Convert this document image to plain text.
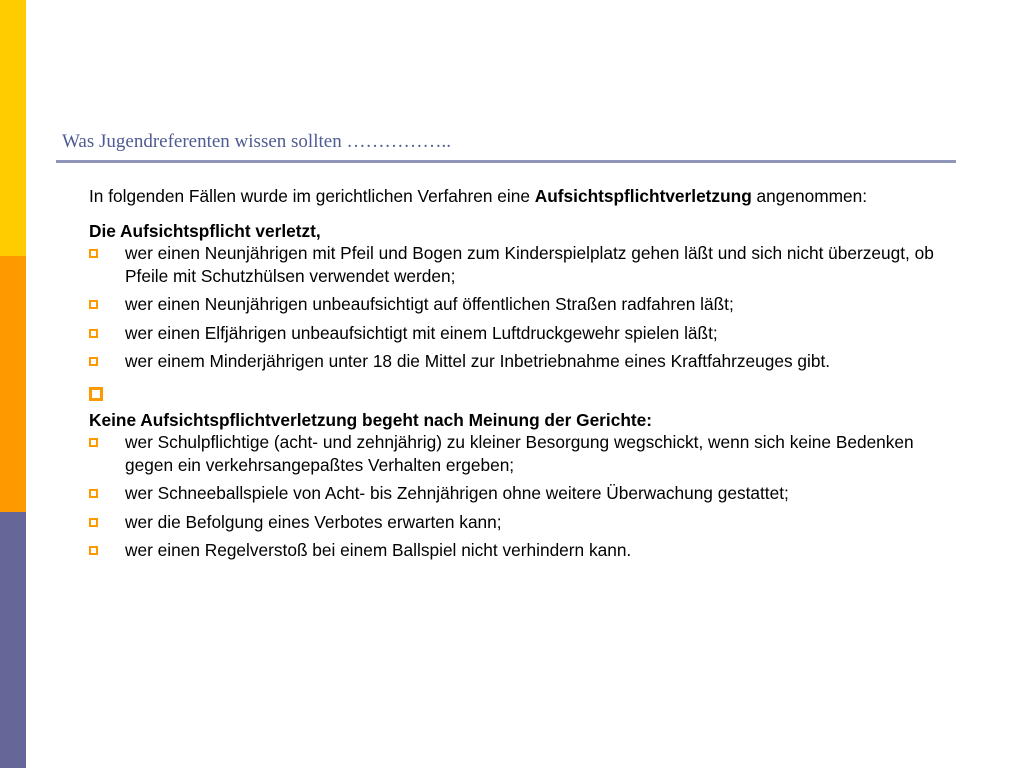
Was Jugendreferenten wissen sollten ……………..

In folgenden Fällen wurde im gerichtlichen Verfahren eine Aufsichtspflichtverletzung angenommen:

Die Aufsichtspflicht verletzt,

wer einen Neunjährigen mit Pfeil und Bogen zum Kinderspielplatz gehen läßt und sich nicht überzeugt, ob Pfeile mit Schutzhülsen verwendet werden;
wer einen Neunjährigen unbeaufsichtigt auf öffentlichen Straßen radfahren läßt;
wer einen Elfjährigen unbeaufsichtigt mit einem Luftdruckgewehr spielen läßt;
wer einem Minderjährigen unter 18 die Mittel zur Inbetriebnahme eines Kraftfahrzeuges gibt.

Keine Aufsichtspflichtverletzung begeht nach Meinung der Gerichte:

wer Schulpflichtige (acht- und zehnjährig) zu kleiner Besorgung wegschickt, wenn sich keine Bedenken gegen ein verkehrsangepaßtes Verhalten ergeben;
wer Schneeballspiele von Acht- bis Zehnjährigen ohne weitere Überwachung gestattet;
wer die Befolgung eines Verbotes erwarten kann;
wer einen Regelverstoß bei einem Ballspiel nicht verhindern kann.
